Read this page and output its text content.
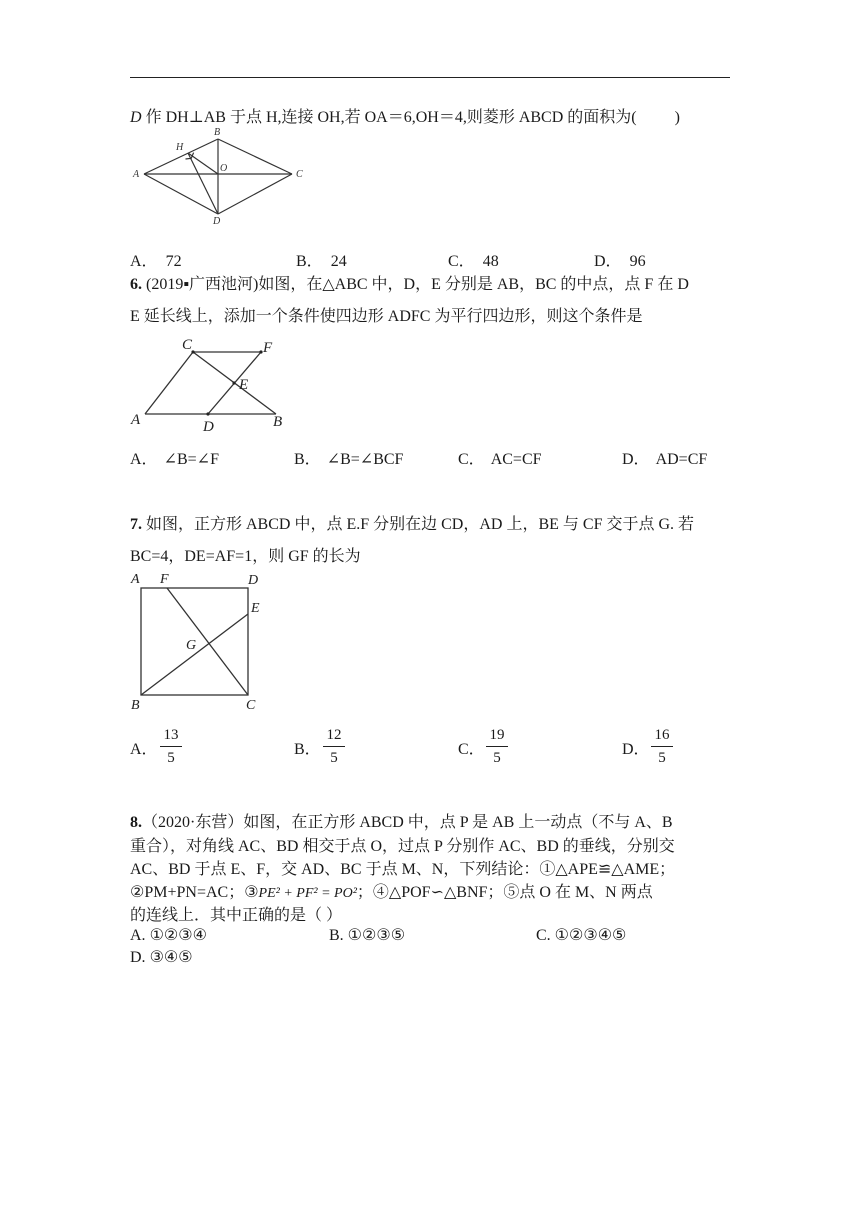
D 作 DH⊥AB 于点 H,连接 OH,若 OA＝6,OH＝4,则菱形 ABCD 的面积为( )
A
B
C
D
H
O
A． 72	B． 24	C． 48	D． 96
6. (2019▪广西池河)如图，在△ABC 中，D，E 分别是 AB，BC 的中点，点 F 在 D
E 延长线上，添加一个条件使四边形 ADFC 为平行四边形，则这个条件是
A	B
C
D
E
F
A． ∠B=∠F	B． ∠B=∠BCF	C． AC=CF	D． AD=CF
7. 如图，正方形 ABCD 中，点 E.F 分别在边 CD，AD 上，BE 与 CF 交于点 G. 若
BC=4，DE=AF=1，则 GF 的长为
A F	D
E
G
B	C
A．
13
5	B．
12
5	C．
19
5	D．
16
5
8.（2020·东营）如图，在正方形 ABCD 中，点 P 是 AB 上一动点（不与 A、B
重合），对角线 AC、BD 相交于点 O，过点 P 分别作 AC、BD 的垂线，分别交
AC、BD 于点 E、F，交 AD、BC 于点 M、N，下列结论：①△APE≌△AME；
②PM+PN=AC；③PE² + PF² = PO²；④△POF∽△BNF；⑤点 O 在 M、N 两点
的连线上．其中正确的是（ ）
A. ①②③④	B. ①②③⑤	C. ①②③④⑤
D. ③④⑤
